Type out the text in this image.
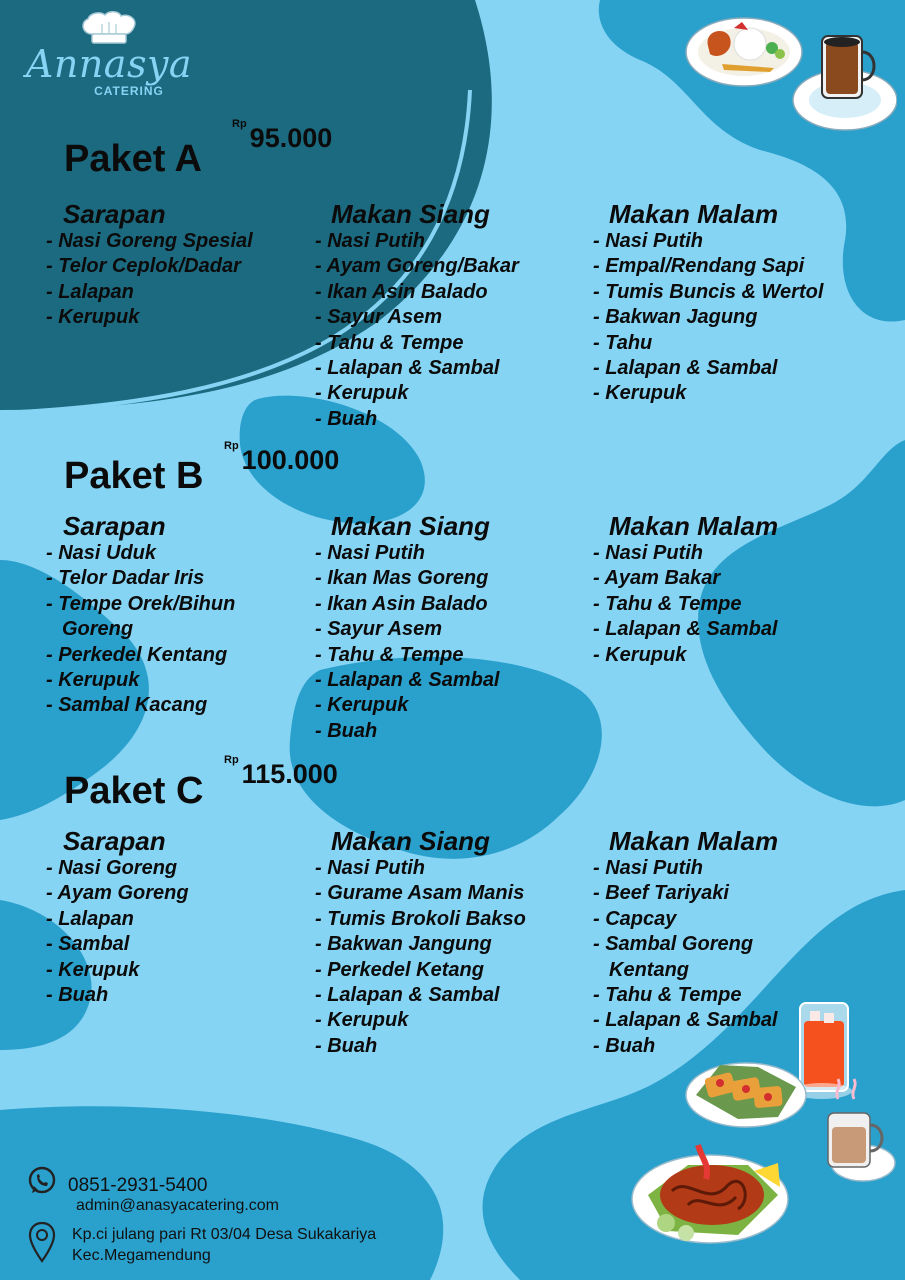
Annasya
CATERING
Paket A
$^{Rp}$ 95.000
Sarapan
- Nasi Goreng Spesial
- Telor Ceplok/Dadar
- Lalapan
- Kerupuk
Makan Siang
- Nasi Putih
- Ayam Goreng/Bakar
- Ikan Asin Balado
- Sayur Asem
- Tahu & Tempe
- Lalapan & Sambal
- Kerupuk
- Buah
Makan Malam
- Nasi Putih
- Empal/Rendang Sapi
- Tumis Buncis & Wertol
- Bakwan Jagung
- Tahu
- Lalapan & Sambal
- Kerupuk
Paket B
$^{Rp}$ 100.000
Sarapan
- Nasi Uduk
- Telor Dadar Iris
- Tempe Orek/Bihun
Goreng
- Perkedel Kentang
- Kerupuk
- Sambal Kacang
Makan Siang
- Nasi Putih
- Ikan Mas Goreng
- Ikan Asin Balado
- Sayur Asem
- Tahu & Tempe
- Lalapan & Sambal
- Kerupuk
- Buah
Makan Malam
- Nasi Putih
- Ayam Bakar
- Tahu & Tempe
- Lalapan & Sambal
- Kerupuk
Paket C
$^{Rp}$ 115.000
Sarapan
- Nasi Goreng
- Ayam Goreng
- Lalapan
- Sambal
- Kerupuk
- Buah
Makan Siang
- Nasi Putih
- Gurame Asam Manis
- Tumis Brokoli Bakso
- Bakwan Jangung
- Perkedel Ketang
- Lalapan & Sambal
- Kerupuk
- Buah
Makan Malam
- Nasi Putih
- Beef Tariyaki
- Capcay
- Sambal Goreng
Kentang
- Tahu & Tempe
- Lalapan & Sambal
- Buah
0851-2931-5400
admin@anasyacatering.com
Kp.ci julang pari Rt 03/04 Desa Sukakariya
Kec.Megamendung
